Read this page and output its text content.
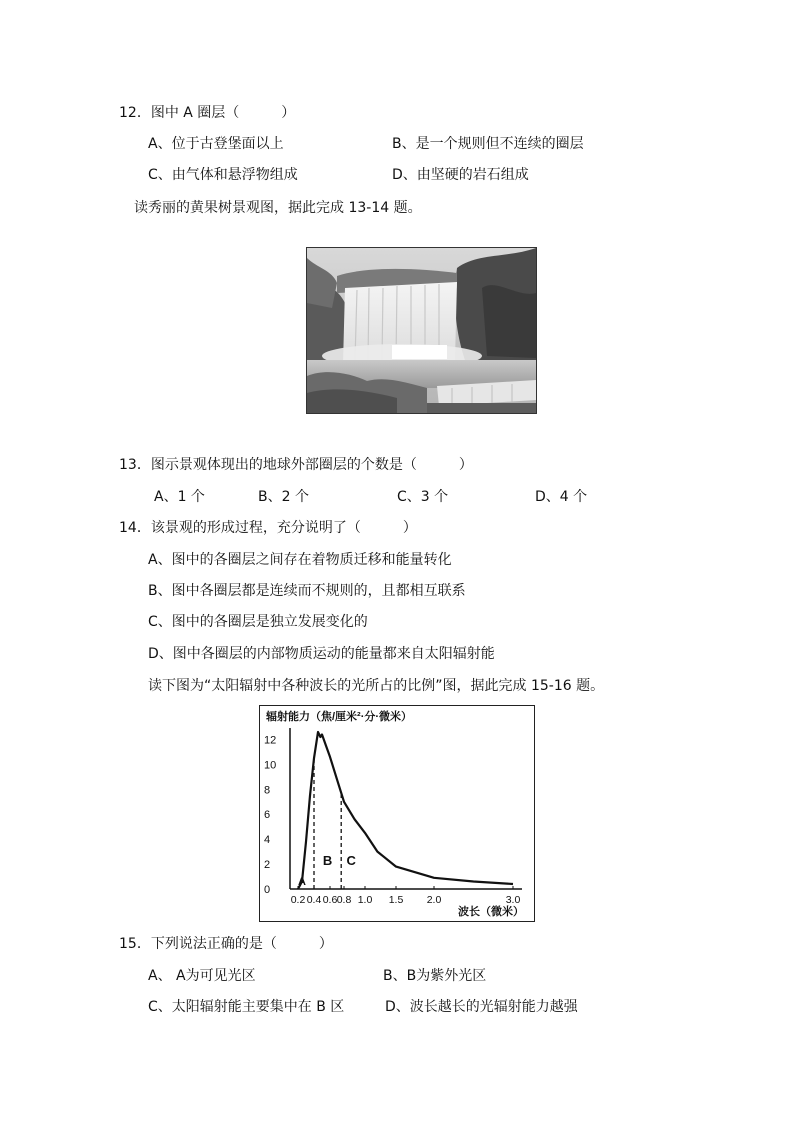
12．图中 A 圈层（　　　）
A、位于古登堡面以上	B、是一个规则但不连续的圈层
C、由气体和悬浮物组成	D、由坚硬的岩石组成
读秀丽的黄果树景观图，据此完成 13-14 题。
13．图示景观体现出的地球外部圈层的个数是（　　　）
A、1 个	B、2 个	C、3 个	D、4 个
14．该景观的形成过程，充分说明了（　　　）
A、图中的各圈层之间存在着物质迁移和能量转化
B、图中各圈层都是连续而不规则的，且都相互联系
C、图中的各圈层是独立发展变化的
D、图中各圈层的内部物质运动的能量都来自太阳辐射能
读下图为“太阳辐射中各种波长的光所占的比例”图，据此完成 15-16 题。
辐射能力（焦/厘米²·分·微米）
波长（微米）
12
10
8
6
4
2
0
0.2 0.4 0.6 0.8 1.0 1.5 2.0	3.0
A
B C
15．下列说法正确的是（　　　）
A、 A为可见光区	B、B为紫外光区
C、太阳辐射能主要集中在 B 区	D、波长越长的光辐射能力越强
